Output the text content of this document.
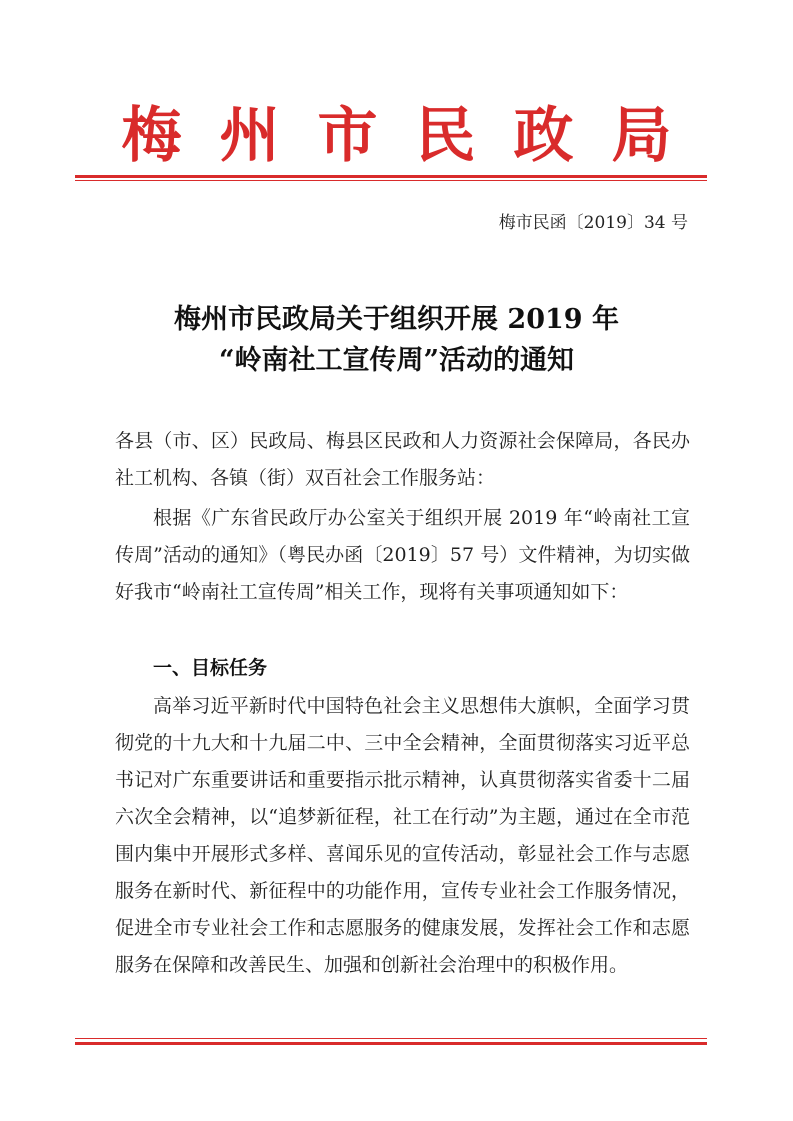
梅州市民政局
梅市民函〔2019〕34 号
梅州市民政局关于组织开展 2019 年
“岭南社工宣传周”活动的通知
各县（市、区）民政局、梅县区民政和人力资源社会保障局，各民办社工机构、各镇（街）双百社会工作服务站：
根据《广东省民政厅办公室关于组织开展 2019 年“岭南社工宣传周”活动的通知》（粤民办函〔2019〕57 号）文件精神，为切实做好我市“岭南社工宣传周”相关工作，现将有关事项通知如下：
一、目标任务
高举习近平新时代中国特色社会主义思想伟大旗帜，全面学习贯彻党的十九大和十九届二中、三中全会精神，全面贯彻落实习近平总书记对广东重要讲话和重要指示批示精神，认真贯彻落实省委十二届六次全会精神，以“追梦新征程，社工在行动”为主题，通过在全市范围内集中开展形式多样、喜闻乐见的宣传活动，彰显社会工作与志愿服务在新时代、新征程中的功能作用，宣传专业社会工作服务情况，促进全市专业社会工作和志愿服务的健康发展，发挥社会工作和志愿服务在保障和改善民生、加强和创新社会治理中的积极作用。
